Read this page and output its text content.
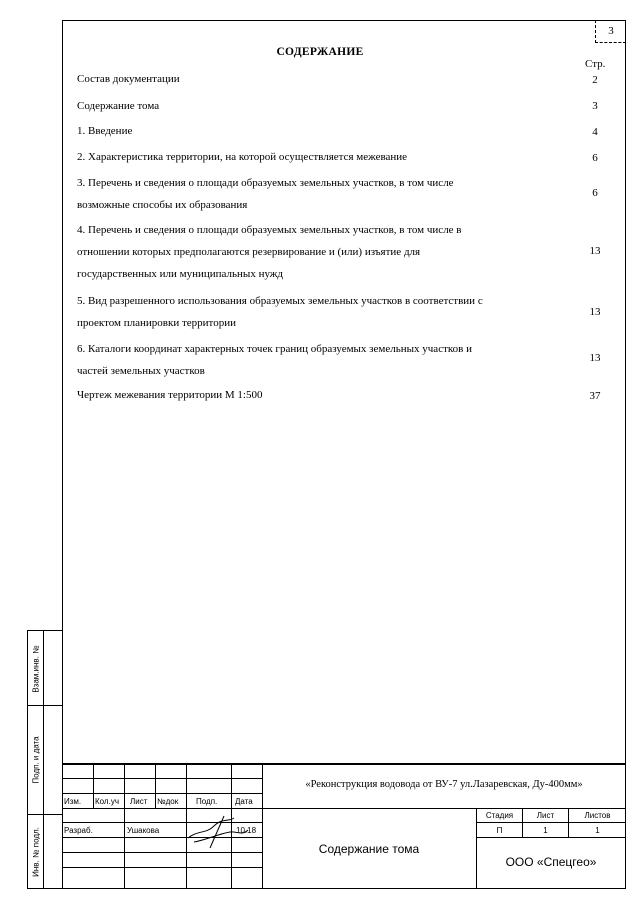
3
СОДЕРЖАНИЕ
Стр.
Состав документации	2
Содержание тома	3
1. Введение	4
2. Характеристика территории, на которой осуществляется межевание	6
3. Перечень и сведения о площади образуемых земельных участков, в том числе
возможные способы их образования
6
4. Перечень и сведения о площади образуемых земельных участков, в том числе в
отношении которых предполагаются резервирование и (или) изъятие для
государственных или муниципальных нужд
13
5. Вид разрешенного использования образуемых земельных участков в соответствии с
проектом планировки территории
13
6. Каталоги координат характерных точек границ образуемых земельных участков и
частей земельных участков
13
Чертеж межевания территории М 1:500	37
Взам.инв. №
Подп. и дата
Инв. № подл.
Изм. Кол.уч Лист №док Подп. Дата
Разраб.	Ушакова	10.18
«Реконструкция водовода от ВУ-7 ул.Лазаревская, Ду-400мм»
Содержание тома
Стадия	Лист	Листов
П	1	1
ООО «Спецгео»
